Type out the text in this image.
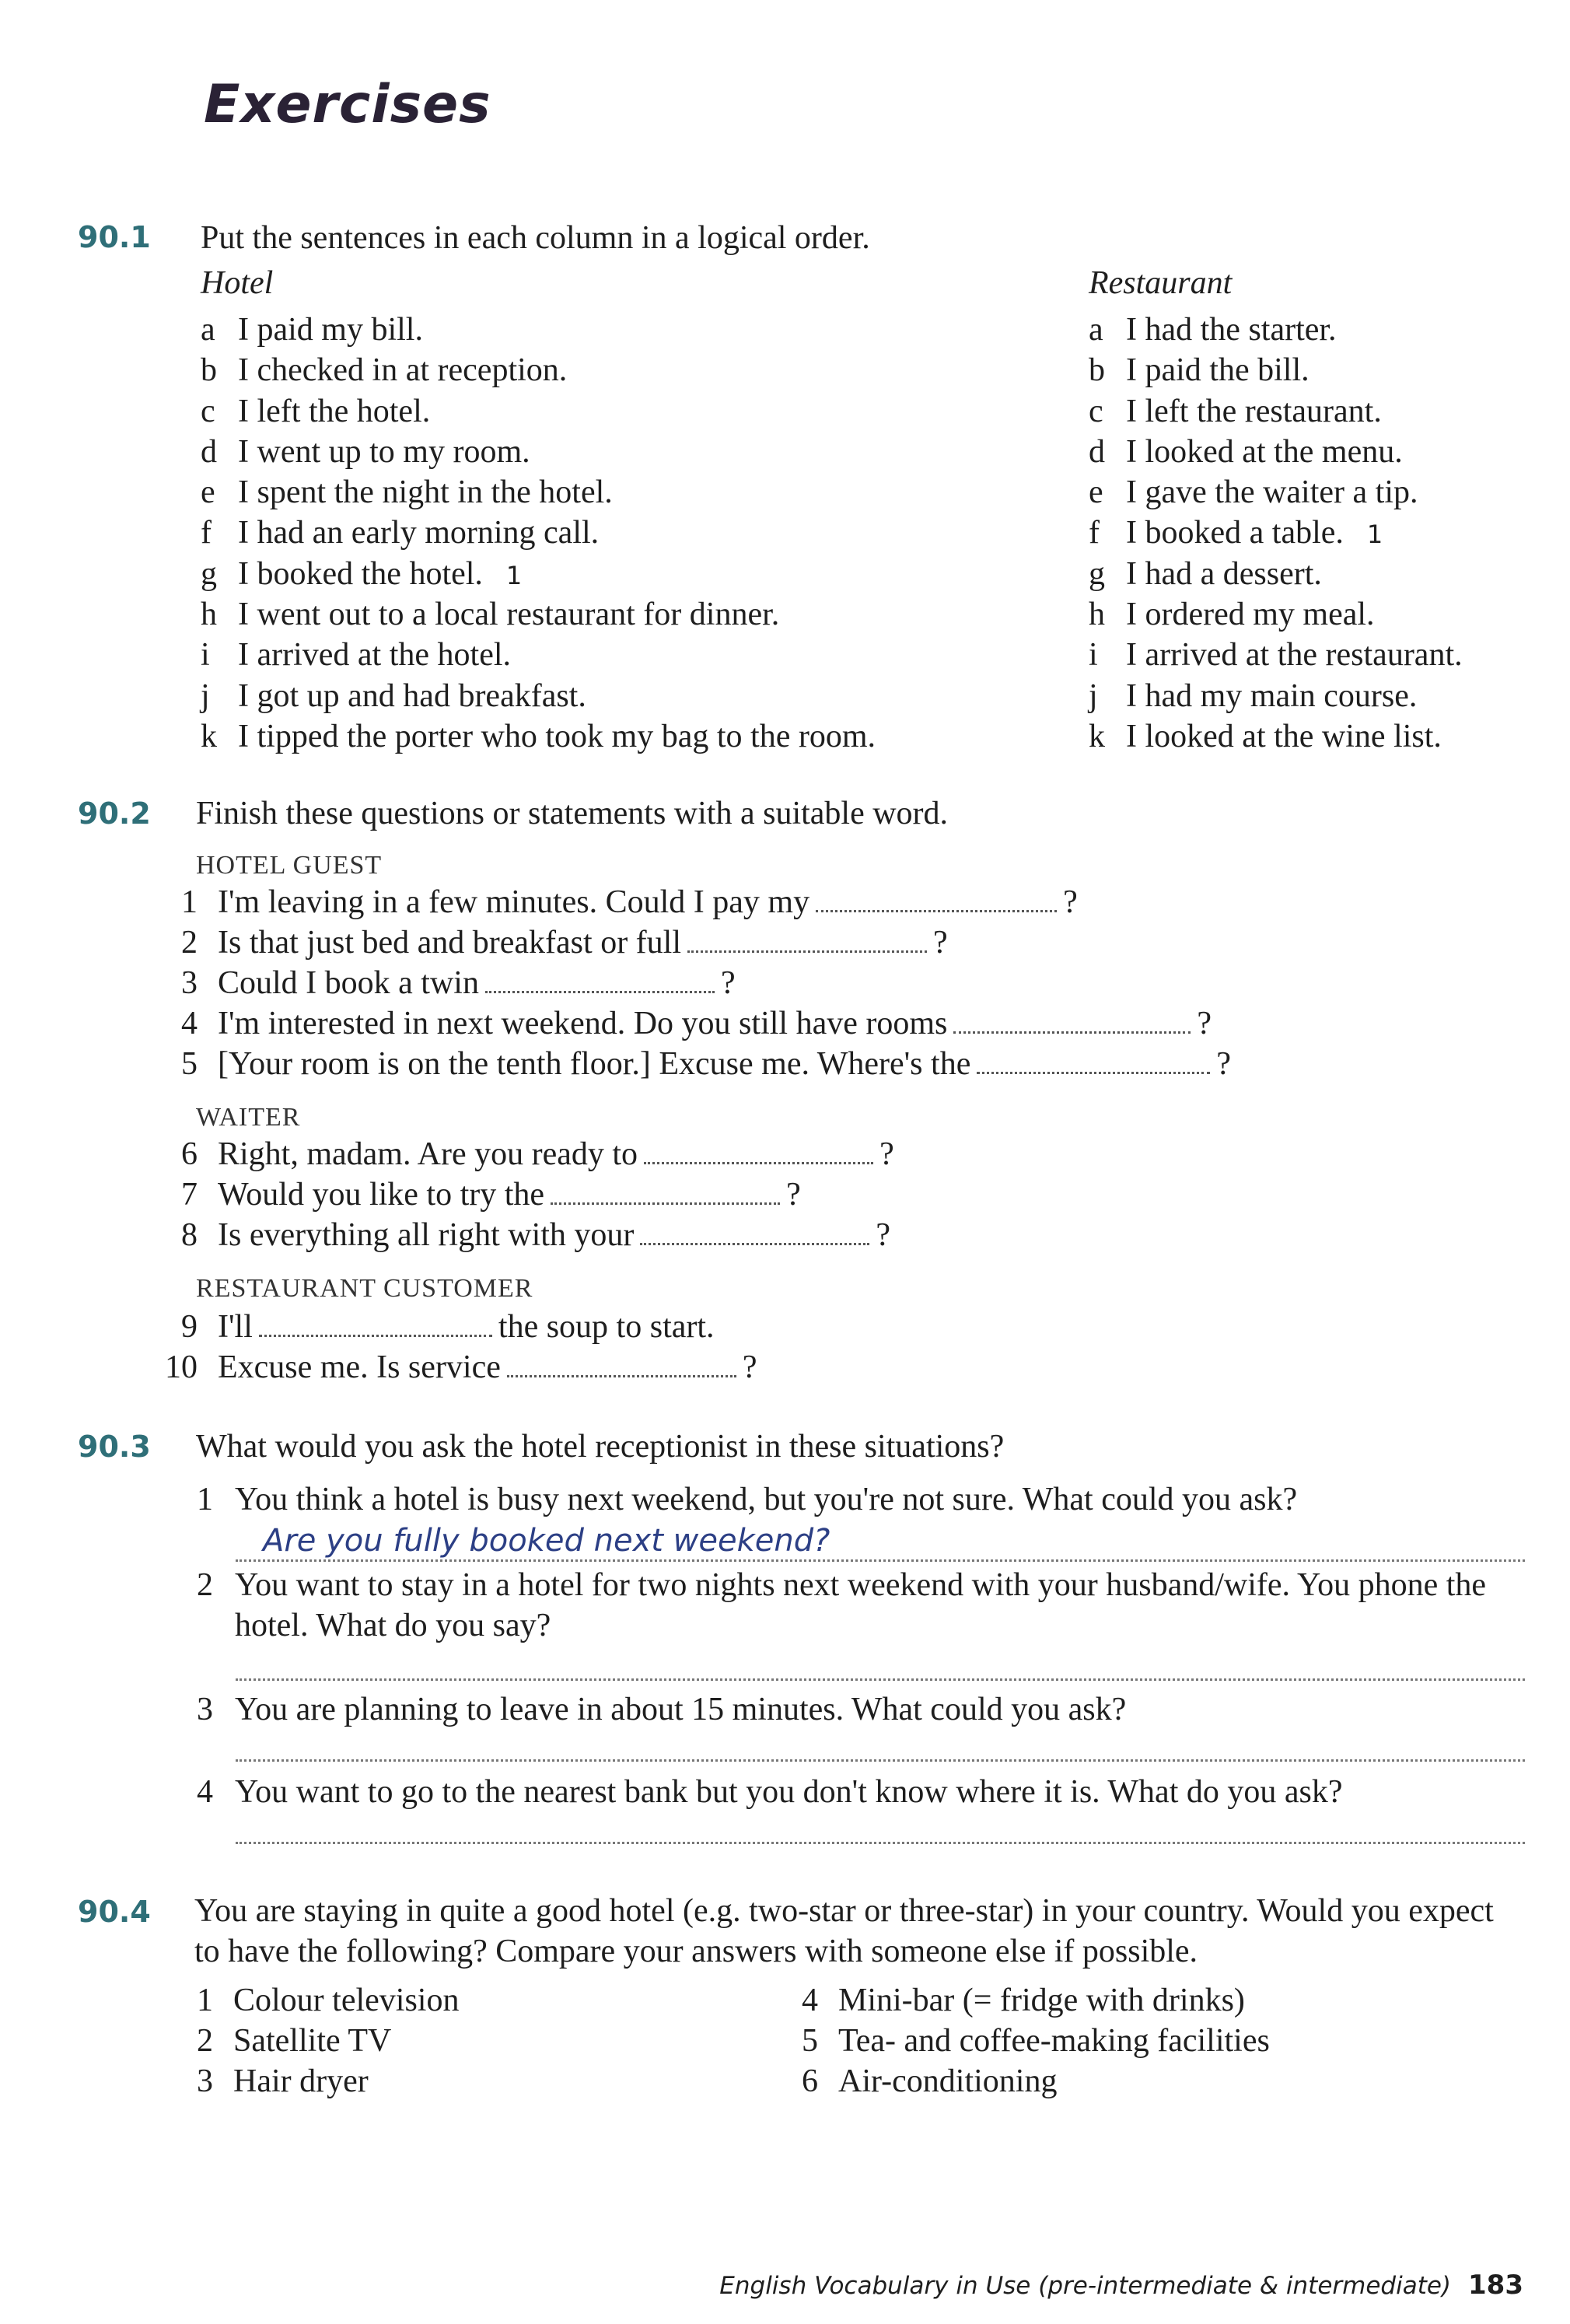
Exercises
90.1 Put the sentences in each column in a logical order.
Hotel
a I paid my bill.
b I checked in at reception.
c I left the hotel.
d I went up to my room.
e I spent the night in the hotel.
f I had an early morning call.
g I booked the hotel. 1
h I went out to a local restaurant for dinner.
i I arrived at the hotel.
j I got up and had breakfast.
k I tipped the porter who took my bag to the room.
Restaurant
a I had the starter.
b I paid the bill.
c I left the restaurant.
d I looked at the menu.
e I gave the waiter a tip.
f I booked a table. 1
g I had a dessert.
h I ordered my meal.
i I arrived at the restaurant.
j I had my main course.
k I looked at the wine list.
90.2 Finish these questions or statements with a suitable word.
HOTEL GUEST
1 I'm leaving in a few minutes. Could I pay my	?
2 Is that just bed and breakfast or full	?
3 Could I book a twin	?
4 I'm interested in next weekend. Do you still have rooms	?
5 [Your room is on the tenth floor.] Excuse me. Where's the	?
WAITER
6 Right, madam. Are you ready to	?
7 Would you like to try the	?
8 Is everything all right with your	?
RESTAURANT CUSTOMER
9 I'll	the soup to start.
10 Excuse me. Is service	?
90.3 What would you ask the hotel receptionist in these situations?
1 You think a hotel is busy next weekend, but you're not sure. What could you ask?
Are you fully booked next weekend?
2 You want to stay in a hotel for two nights next weekend with your husband/wife. You phone the hotel. What do you say?
3 You are planning to leave in about 15 minutes. What could you ask?
4 You want to go to the nearest bank but you don't know where it is. What do you ask?
90.4 You are staying in quite a good hotel (e.g. two-star or three-star) in your country. Would you expect to have the following? Compare your answers with someone else if possible.
1 Colour television
2 Satellite TV
3 Hair dryer
4 Mini-bar (= fridge with drinks)
5 Tea- and coffee-making facilities
6 Air-conditioning
English Vocabulary in Use (pre-intermediate & intermediate) 183
